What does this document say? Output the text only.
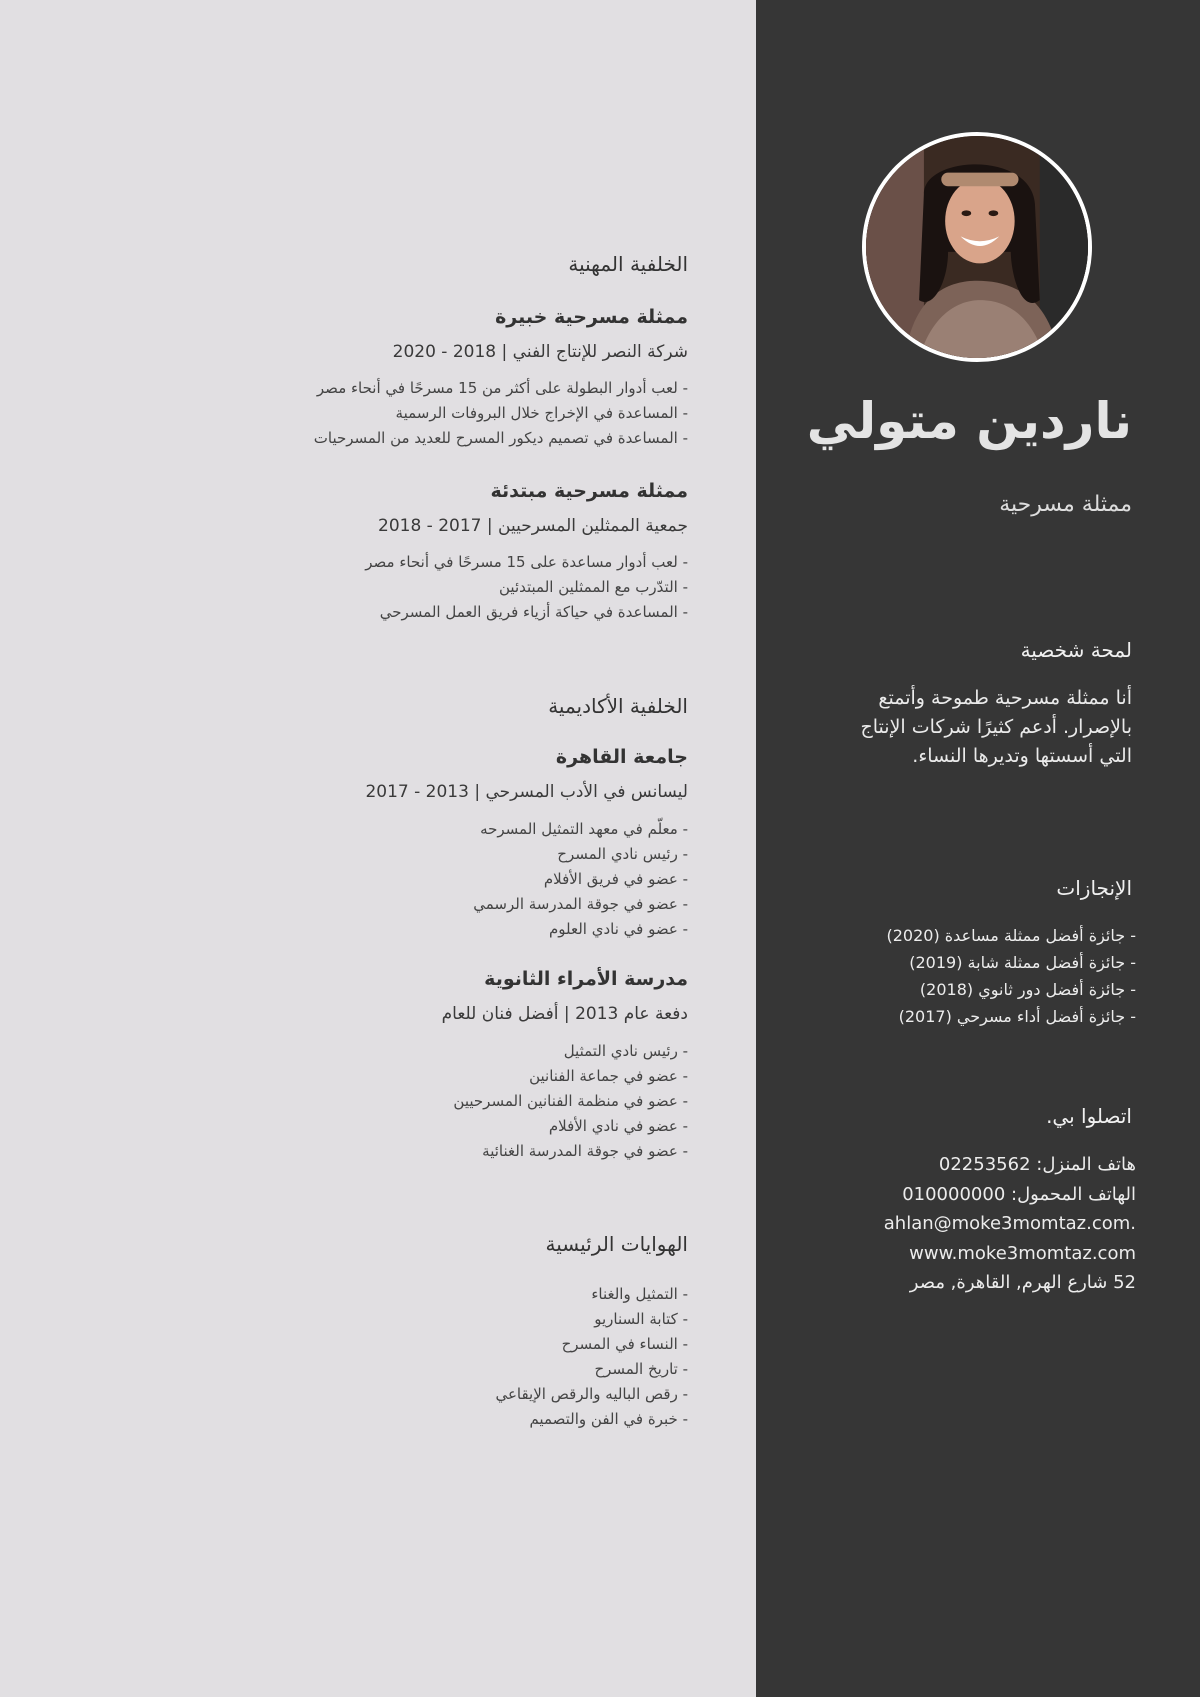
ناردين متولي
ممثلة مسرحية
لمحة شخصية
أنا ممثلة مسرحية طموحة وأتمتع
بالإصرار. أدعم كثيرًا شركات الإنتاج
التي أسستها وتديرها النساء.
الإنجازات
- جائزة أفضل ممثلة مساعدة (2020)
- جائزة أفضل ممثلة شابة (2019)
- جائزة أفضل دور ثانوي (2018)
- جائزة أفضل أداء مسرحي (2017)
اتصلوا بي.
هاتف المنزل: 02253562
الهاتف المحمول: 010000000
ahlan@moke3momtaz.com.
www.moke3momtaz.com
52 شارع الهرم, القاهرة, مصر
الخلفية المهنية
ممثلة مسرحية خبيرة
شركة النصر للإنتاج الفني | 2018 - 2020
- لعب أدوار البطولة على أكثر من 15 مسرحًا في أنحاء مصر
- المساعدة في الإخراج خلال البروفات الرسمية
- المساعدة في تصميم ديكور المسرح للعديد من المسرحيات
ممثلة مسرحية مبتدئة
جمعية الممثلين المسرحيين | 2017 - 2018
- لعب أدوار مساعدة على 15 مسرحًا في أنحاء مصر
- التدّرب مع الممثلين المبتدئين
- المساعدة في حياكة أزياء فريق العمل المسرحي
الخلفية الأكاديمية
جامعة القاهرة
ليسانس في الأدب المسرحي | 2013 - 2017
- معلّم في معهد التمثيل المسرحه
- رئيس نادي المسرح
- عضو في فريق الأفلام
- عضو في جوقة المدرسة الرسمي
- عضو في نادي العلوم
مدرسة الأمراء الثانوية
دفعة عام 2013 | أفضل فنان للعام
- رئيس نادي التمثيل
- عضو في جماعة الفنانين
- عضو في منظمة الفنانين المسرحيين
- عضو في نادي الأفلام
- عضو في جوقة المدرسة الغنائية
الهوايات الرئيسية
- التمثيل والغناء
- كتابة السناريو
- النساء في المسرح
- تاريخ المسرح
- رقص الباليه والرقص الإيقاعي
- خبرة في الفن والتصميم
